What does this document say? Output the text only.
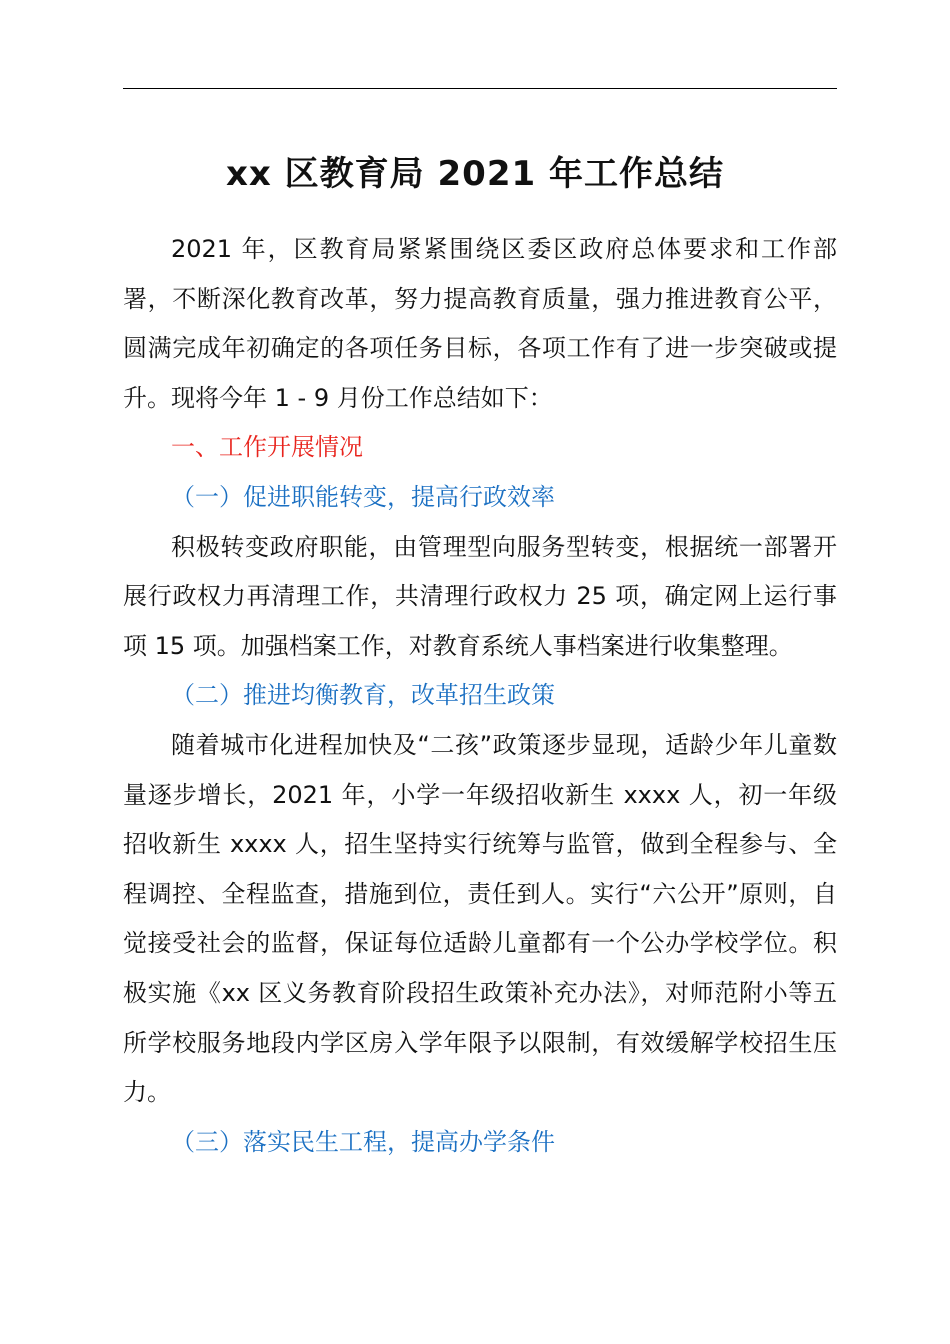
xx 区教育局 2021 年工作总结

2021 年，区教育局紧紧围绕区委区政府总体要求和工作部署，不断深化教育改革，努力提高教育质量，强力推进教育公平，圆满完成年初确定的各项任务目标，各项工作有了进一步突破或提升。现将今年 1 - 9 月份工作总结如下：

一、工作开展情况

（一）促进职能转变，提高行政效率

积极转变政府职能，由管理型向服务型转变，根据统一部署开展行政权力再清理工作，共清理行政权力 25 项，确定网上运行事项 15 项。加强档案工作，对教育系统人事档案进行收集整理。

（二）推进均衡教育，改革招生政策

随着城市化进程加快及“二孩”政策逐步显现，适龄少年儿童数量逐步增长，2021 年，小学一年级招收新生 xxxx 人，初一年级招收新生 xxxx 人，招生坚持实行统筹与监管，做到全程参与、全程调控、全程监查，措施到位，责任到人。实行“六公开”原则，自觉接受社会的监督，保证每位适龄儿童都有一个公办学校学位。积极实施《xx 区义务教育阶段招生政策补充办法》，对师范附小等五所学校服务地段内学区房入学年限予以限制，有效缓解学校招生压力。

（三）落实民生工程，提高办学条件
